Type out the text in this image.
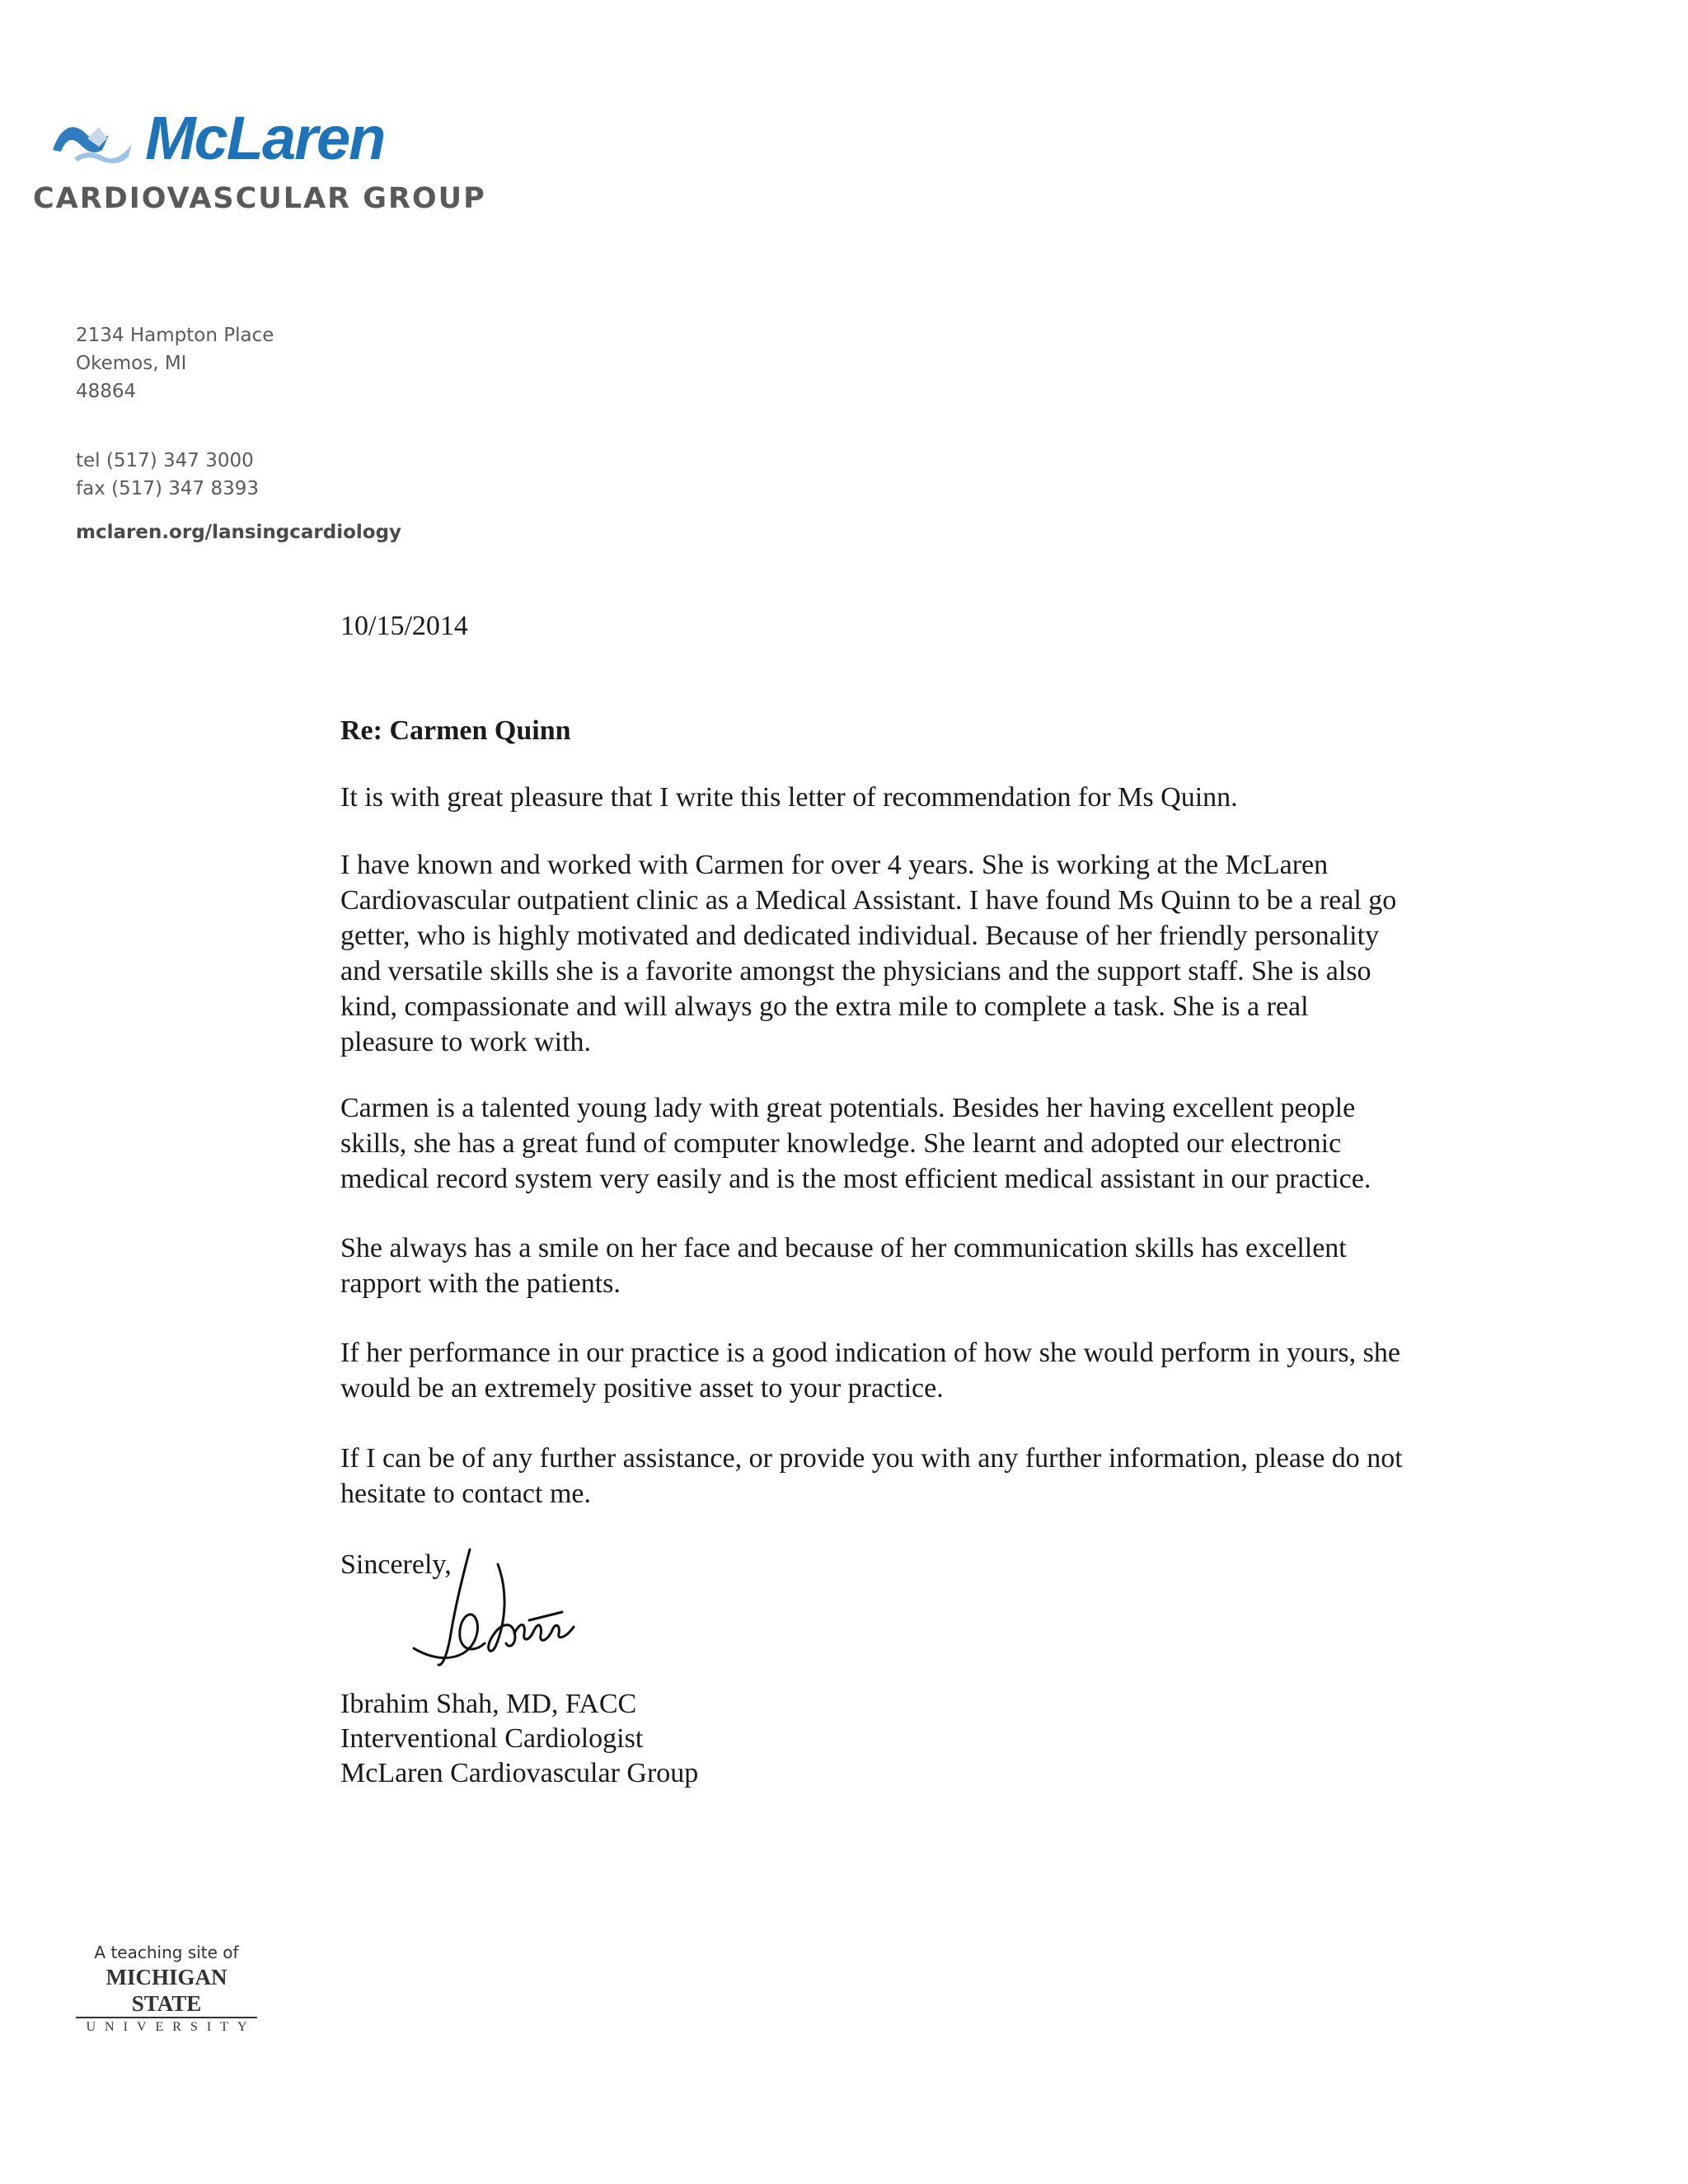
McLaren
CARDIOVASCULAR GROUP
2134 Hampton Place
Okemos, MI
48864
tel (517) 347 3000
fax (517) 347 8393
mclaren.org/lansingcardiology
10/15/2014
Re: Carmen Quinn
It is with great pleasure that I write this letter of recommendation for Ms Quinn.
I have known and worked with Carmen for over 4 years. She is working at the McLaren
Cardiovascular outpatient clinic as a Medical Assistant. I have found Ms Quinn to be a real go
getter, who is highly motivated and dedicated individual. Because of her friendly personality
and versatile skills she is a favorite amongst the physicians and the support staff. She is also
kind, compassionate and will always go the extra mile to complete a task. She is a real
pleasure to work with.
Carmen is a talented young lady with great potentials. Besides her having excellent people
skills, she has a great fund of computer knowledge. She learnt and adopted our electronic
medical record system very easily and is the most efficient medical assistant in our practice.
She always has a smile on her face and because of her communication skills has excellent
rapport with the patients.
If her performance in our practice is a good indication of how she would perform in yours, she
would be an extremely positive asset to your practice.
If I can be of any further assistance, or provide you with any further information, please do not
hesitate to contact me.
Sincerely,
Ibrahim Shah, MD, FACC
Interventional Cardiologist
McLaren Cardiovascular Group
A teaching site of
MICHIGAN STATE
UNIVERSITY
